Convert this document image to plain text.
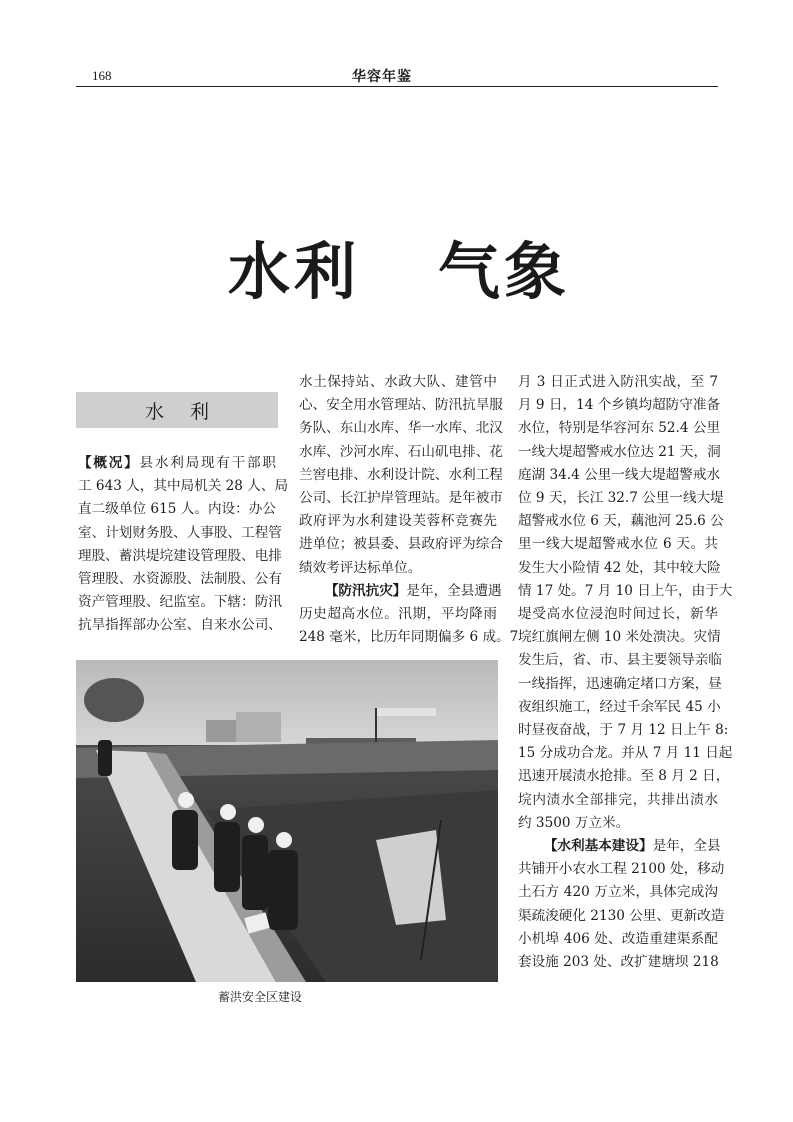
168	华容年鉴
水利 气象
水利
【概况】县水利局现有干部职
工 643 人，其中局机关 28 人、局
直二级单位 615 人。内设：办公
室、计划财务股、人事股、工程管
理股、蓄洪堤垸建设管理股、电排
管理股、水资源股、法制股、公有
资产管理股、纪监室。下辖：防汛
抗旱指挥部办公室、自来水公司、
水土保持站、水政大队、建管中
心、安全用水管理站、防汛抗旱服
务队、东山水库、华一水库、北汉
水库、沙河水库、石山矶电排、花
兰窖电排、水利设计院、水利工程
公司、长江护岸管理站。是年被市
政府评为水利建设芙蓉杯竞赛先
进单位；被县委、县政府评为综合
绩效考评达标单位。
【防汛抗灾】是年，全县遭遇
历史超高水位。汛期，平均降雨
248 毫米，比历年同期偏多 6 成。7
月 3 日正式进入防汛实战，至 7
月 9 日，14 个乡镇均超防守准备
水位，特别是华容河东 52.4 公里
一线大堤超警戒水位达 21 天，洞
庭湖 34.4 公里一线大堤超警戒水
位 9 天，长江 32.7 公里一线大堤
超警戒水位 6 天，藕池河 25.6 公
里一线大堤超警戒水位 6 天。共
发生大小险情 42 处，其中较大险
情 17 处。7 月 10 日上午，由于大
堤受高水位浸泡时间过长，新华
垸红旗闸左侧 10 米处溃决。灾情
发生后，省、市、县主要领导亲临
一线指挥，迅速确定堵口方案，昼
夜组织施工，经过千余军民 45 小
时昼夜奋战，于 7 月 12 日上午 8:
15 分成功合龙。并从 7 月 11 日起
迅速开展渍水抢排。至 8 月 2 日，
垸内渍水全部排完，共排出渍水
约 3500 万立米。
【水利基本建设】是年，全县
共铺开小农水工程 2100 处，移动
土石方 420 万立米，具体完成沟
渠疏浚硬化 2130 公里、更新改造
小机埠 406 处、改造重建渠系配
套设施 203 处、改扩建塘坝 218
蓄洪安全区建设
